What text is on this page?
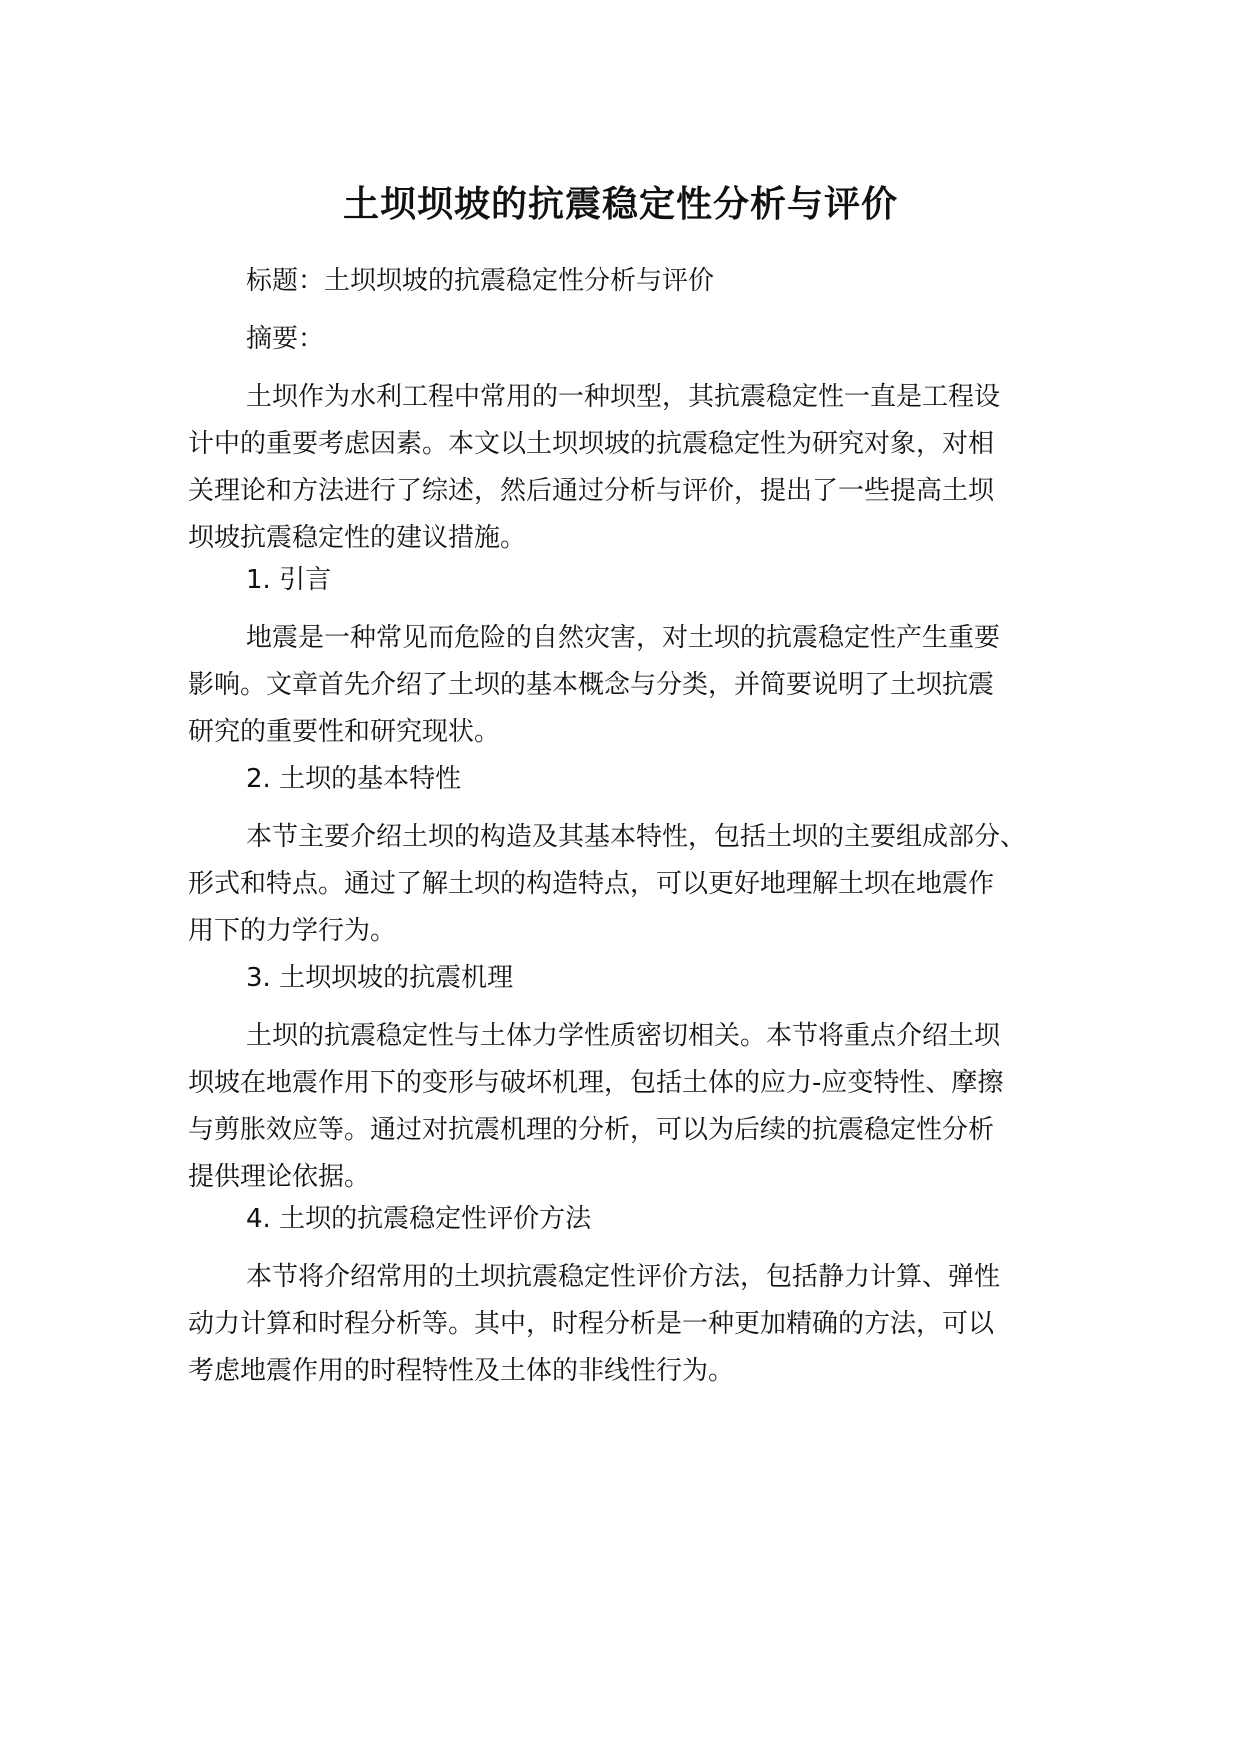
土坝坝坡的抗震稳定性分析与评价

标题：土坝坝坡的抗震稳定性分析与评价

摘要：

土坝作为水利工程中常用的一种坝型，其抗震稳定性一直是工程设
计中的重要考虑因素。本文以土坝坝坡的抗震稳定性为研究对象，对相
关理论和方法进行了综述，然后通过分析与评价，提出了一些提高土坝
坝坡抗震稳定性的建议措施。

1. 引言

地震是一种常见而危险的自然灾害，对土坝的抗震稳定性产生重要
影响。文章首先介绍了土坝的基本概念与分类，并简要说明了土坝抗震
研究的重要性和研究现状。

2. 土坝的基本特性

本节主要介绍土坝的构造及其基本特性，包括土坝的主要组成部分、
形式和特点。通过了解土坝的构造特点，可以更好地理解土坝在地震作
用下的力学行为。

3. 土坝坝坡的抗震机理

土坝的抗震稳定性与土体力学性质密切相关。本节将重点介绍土坝
坝坡在地震作用下的变形与破坏机理，包括土体的应力-应变特性、摩擦
与剪胀效应等。通过对抗震机理的分析，可以为后续的抗震稳定性分析
提供理论依据。

4. 土坝的抗震稳定性评价方法

本节将介绍常用的土坝抗震稳定性评价方法，包括静力计算、弹性
动力计算和时程分析等。其中，时程分析是一种更加精确的方法，可以
考虑地震作用的时程特性及土体的非线性行为。
